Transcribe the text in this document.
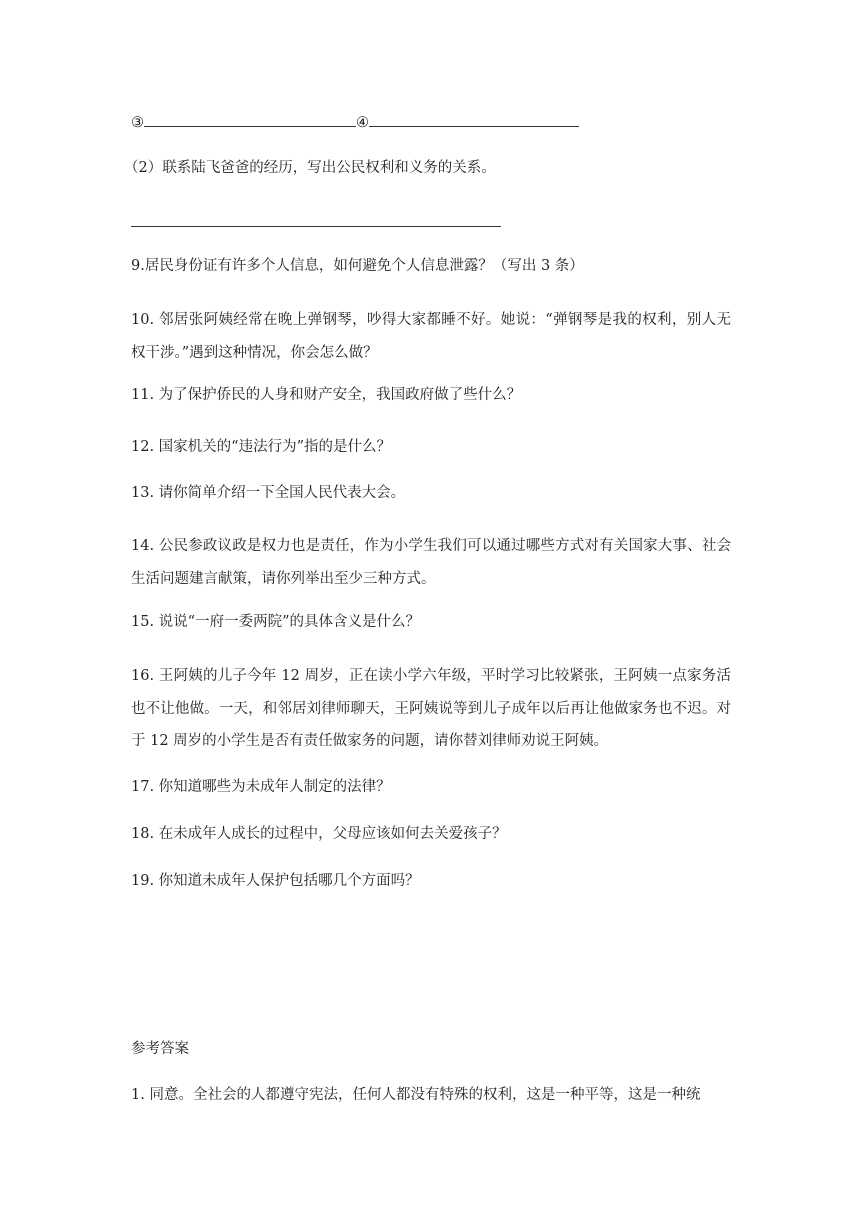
③	④
（2）联系陆飞爸爸的经历，写出公民权利和义务的关系。
9.居民身份证有许多个人信息，如何避免个人信息泄露？（写出 3 条）
10. 邻居张阿姨经常在晚上弹钢琴，吵得大家都睡不好。她说：“弹钢琴是我的权利，别人无权干涉。”遇到这种情况，你会怎么做？
11. 为了保护侨民的人身和财产安全，我国政府做了些什么？
12. 国家机关的“违法行为”指的是什么？
13. 请你简单介绍一下全国人民代表大会。
14. 公民参政议政是权力也是责任，作为小学生我们可以通过哪些方式对有关国家大事、社会生活问题建言献策，请你列举出至少三种方式。
15. 说说“一府一委两院”的具体含义是什么？
16. 王阿姨的儿子今年 12 周岁，正在读小学六年级，平时学习比较紧张，王阿姨一点家务活也不让他做。一天，和邻居刘律师聊天，王阿姨说等到儿子成年以后再让他做家务也不迟。对于 12 周岁的小学生是否有责任做家务的问题，请你替刘律师劝说王阿姨。
17. 你知道哪些为未成年人制定的法律？
18. 在未成年人成长的过程中，父母应该如何去关爱孩子？
19. 你知道未成年人保护包括哪几个方面吗？
参考答案
1. 同意。全社会的人都遵守宪法，任何人都没有特殊的权利，这是一种平等，这是一种统
